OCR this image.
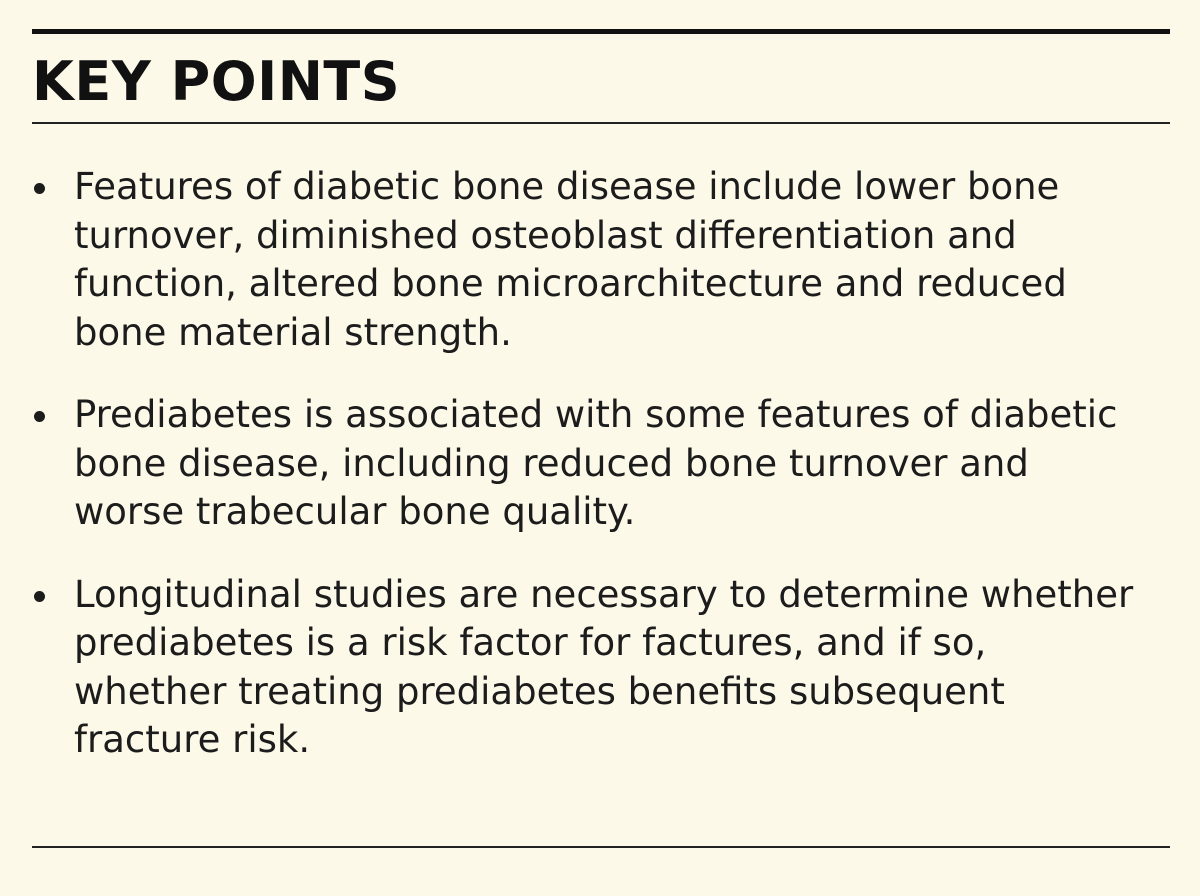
KEY POINTS
Features of diabetic bone disease include lower bone
turnover, diminished osteoblast differentiation and
function, altered bone microarchitecture and reduced
bone material strength.
Prediabetes is associated with some features of diabetic
bone disease, including reduced bone turnover and
worse trabecular bone quality.
Longitudinal studies are necessary to determine whether
prediabetes is a risk factor for factures, and if so,
whether treating prediabetes benefits subsequent
fracture risk.
